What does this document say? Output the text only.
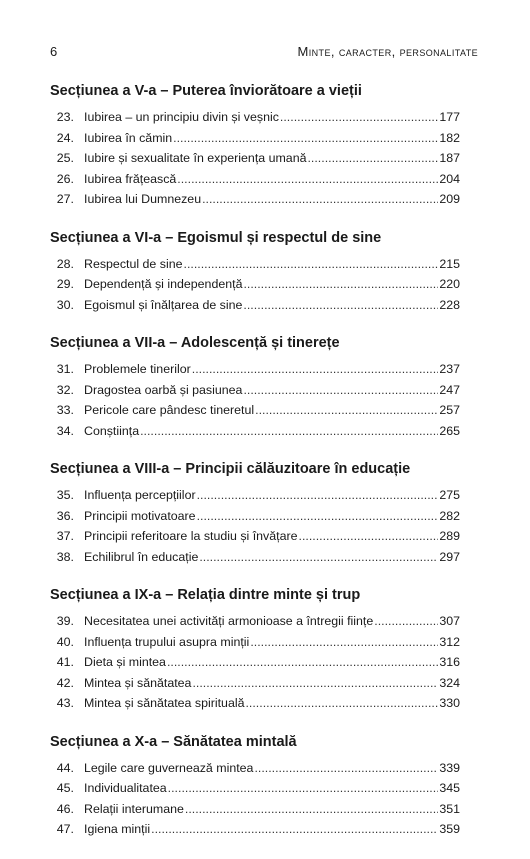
6	Minte, caracter, personalitate
Secțiunea a V-a – Puterea înviorătoare a vieții
23. Iubirea – un principiu divin și veșnic .....	177
24. Iubirea în cămin .....	182
25. Iubire și sexualitate în experiența umană .....	187
26. Iubirea frățească .....	204
27. Iubirea lui Dumnezeu .....	209
Secțiunea a VI-a – Egoismul și respectul de sine
28. Respectul de sine .....	215
29. Dependență și independență .....	220
30. Egoismul și înălțarea de sine .....	228
Secțiunea a VII-a – Adolescență și tinerețe
31. Problemele tinerilor .....	237
32. Dragostea oarbă și pasiunea .....	247
33. Pericole care pândesc tineretul .....	257
34. Conștiința .....	265
Secțiunea a VIII-a – Principii călăuzitoare în educație
35. Influența percepțiilor .....	275
36. Principii motivatoare .....	282
37. Principii referitoare la studiu și învățare .....	289
38. Echilibrul în educație .....	297
Secțiunea a IX-a – Relația dintre minte și trup
39. Necesitatea unei activități armonioase a întregii ființe .....	307
40. Influența trupului asupra minții .....	312
41. Dieta și mintea .....	316
42. Mintea și sănătatea .....	324
43. Mintea și sănătatea spirituală .....	330
Secțiunea a X-a – Sănătatea mintală
44. Legile care guvernează mintea .....	339
45. Individualitatea .....	345
46. Relații interumane .....	351
47. Igiena minții .....	359
